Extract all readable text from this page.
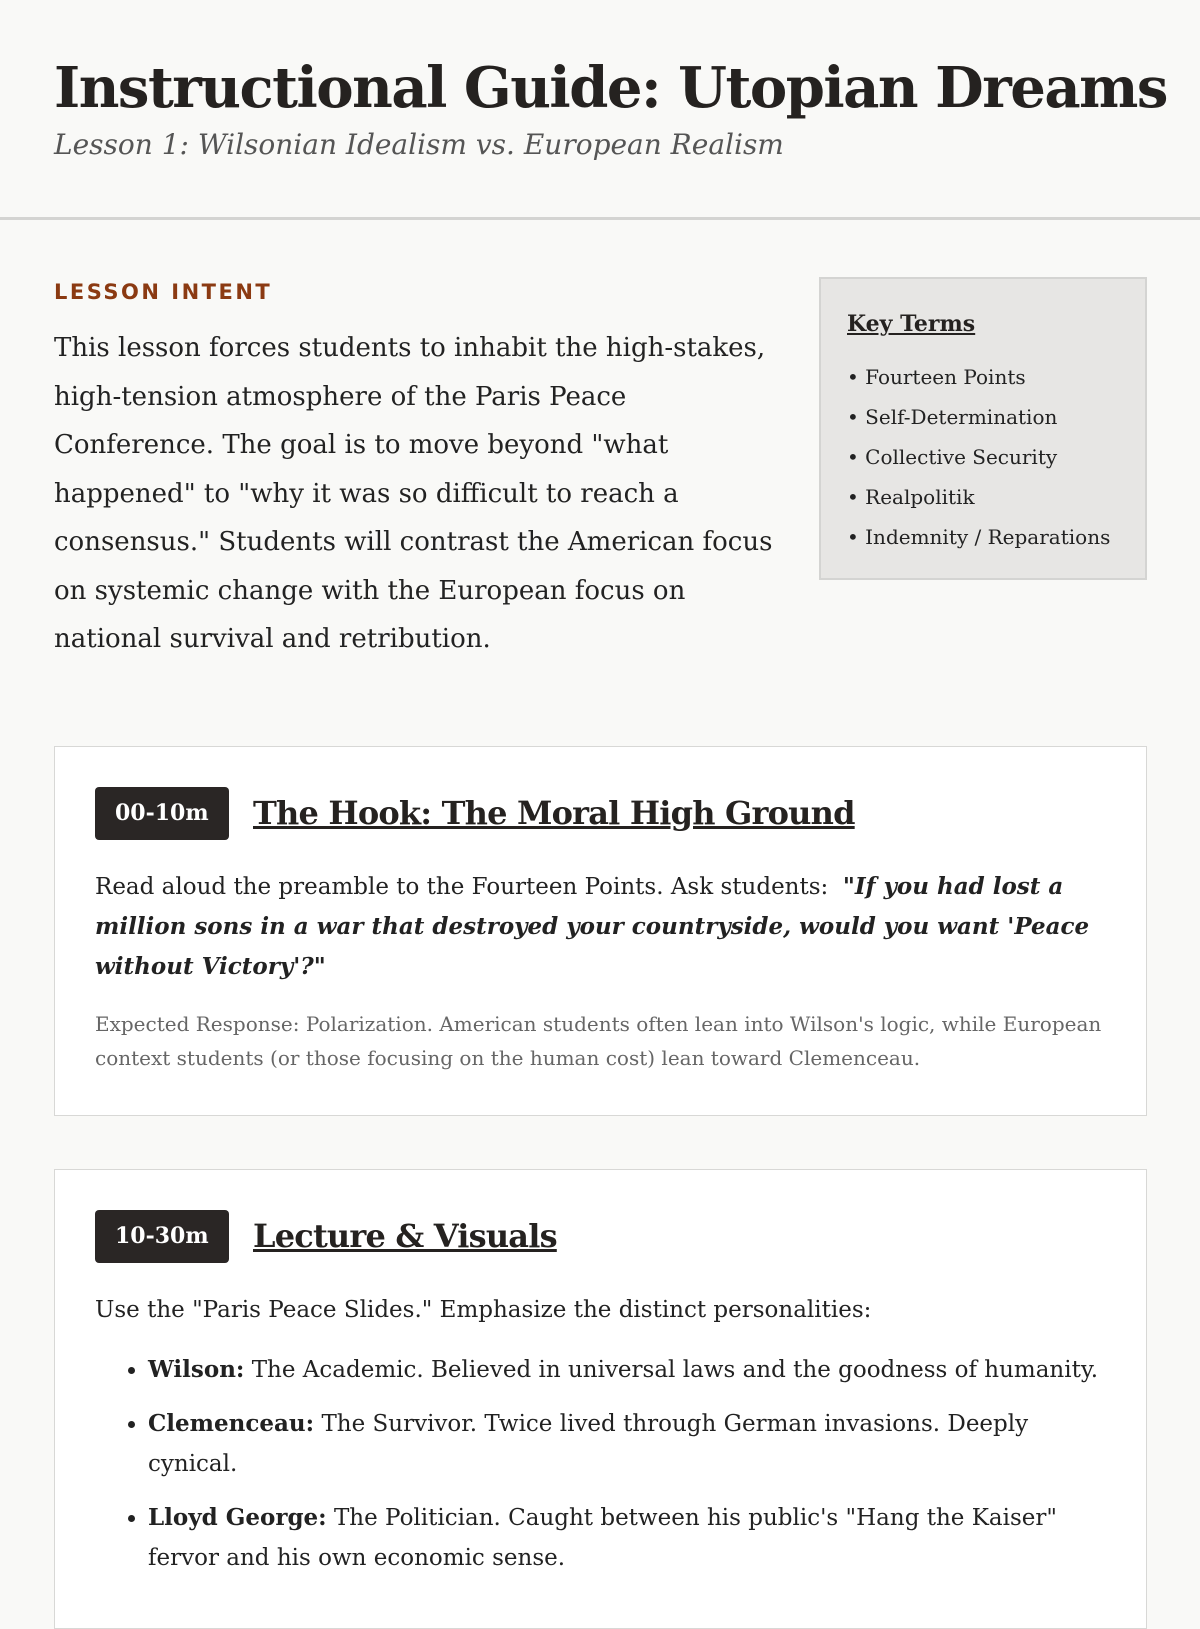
Instructional Guide: Utopian Dreams

Lesson 1: Wilsonian Idealism vs. European Realism

LESSON INTENT

This lesson forces students to inhabit the high-stakes, high-tension atmosphere of the Paris Peace Conference. The goal is to move beyond "what happened" to "why it was so difficult to reach a consensus." Students will contrast the American focus on systemic change with the European focus on national survival and retribution.

Key Terms
• Fourteen Points
• Self-Determination
• Collective Security
• Realpolitik
• Indemnity / Reparations
00-10m	The Hook: The Moral High Ground

Read aloud the preamble to the Fourteen Points. Ask students: "If you had lost a million sons in a war that destroyed your countryside, would you want 'Peace without Victory'?"

Expected Response: Polarization. American students often lean into Wilson's logic, while European context students (or those focusing on the human cost) lean toward Clemenceau.

10-30m	Lecture & Visuals

Use the "Paris Peace Slides." Emphasize the distinct personalities:

• Wilson: The Academic. Believed in universal laws and the goodness of humanity.
• Clemenceau: The Survivor. Twice lived through German invasions. Deeply cynical.
• Lloyd George: The Politician. Caught between his public's "Hang the Kaiser" fervor and his own economic sense.
